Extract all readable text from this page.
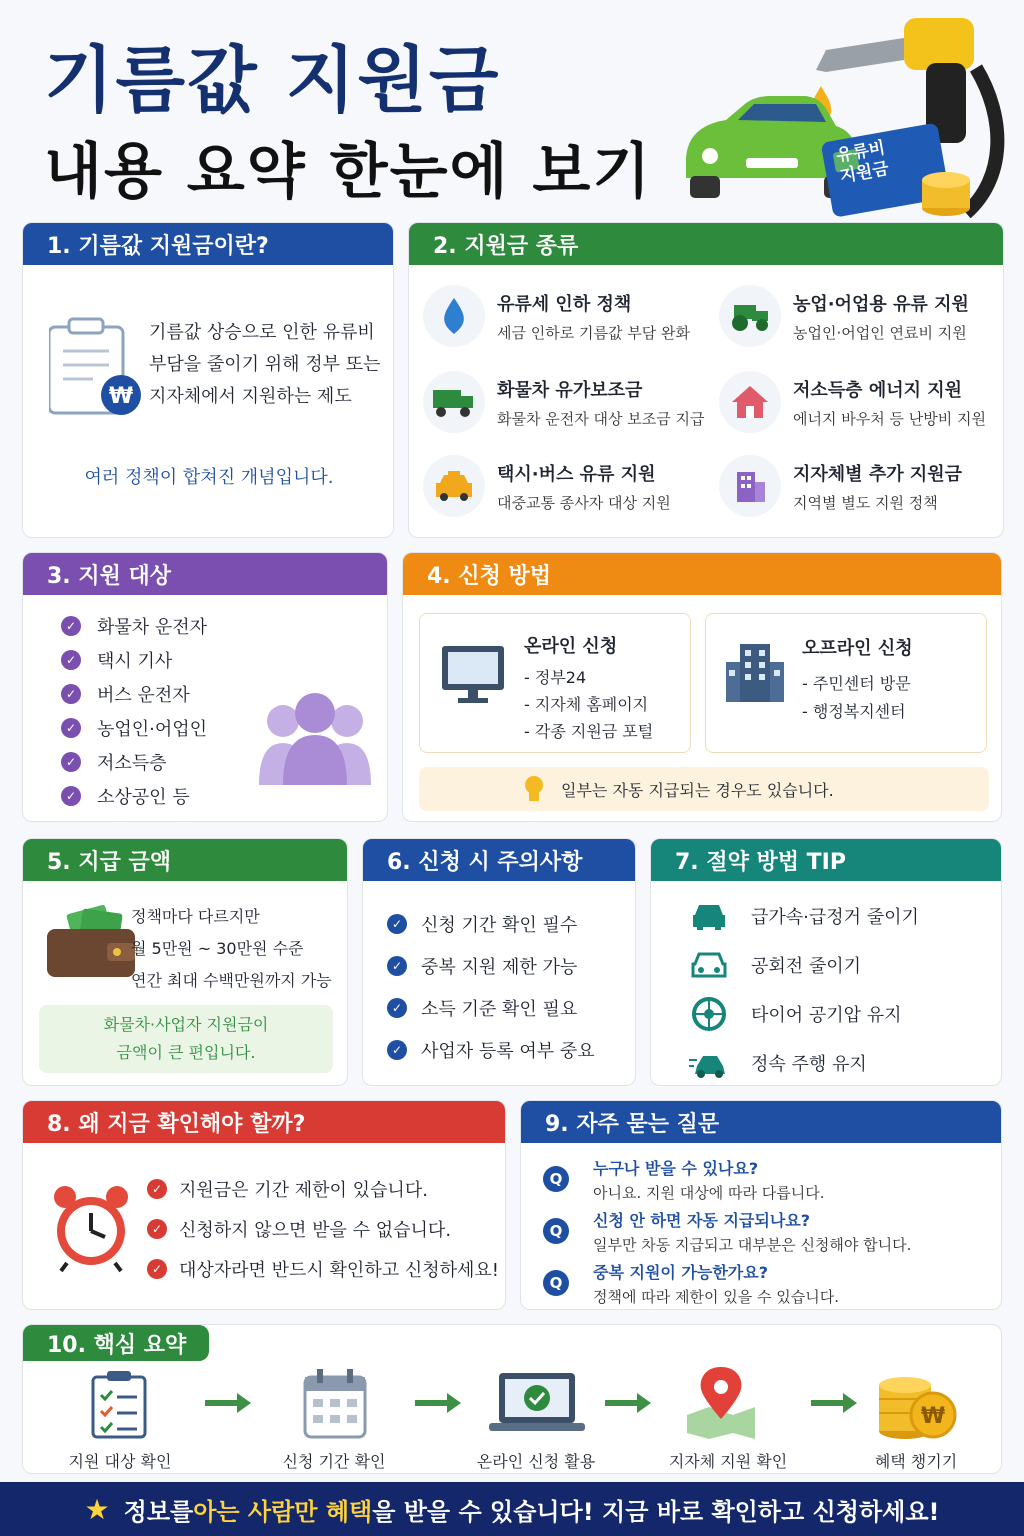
기름값 지원금
내용 요약 한눈에 보기	유류비
지원금
1. 기름값 지원금이란?
₩
기름값 상승으로 인한 유류비
부담을 줄이기 위해 정부 또는
지자체에서 지원하는 제도
여러 정책이 합쳐진 개념입니다.
2. 지원금 종류
유류세 인하 정책
세금 인하로 기름값 부담 완화
농업·어업용 유류 지원
농업인·어업인 연료비 지원
화물차 유가보조금
화물차 운전자 대상 보조금 지급
저소득층 에너지 지원
에너지 바우처 등 난방비 지원
택시·버스 유류 지원
대중교통 종사자 대상 지원
지자체별 추가 지원금
지역별 별도 지원 정책
3. 지원 대상
✓ 화물차 운전자
✓ 택시 기사
✓ 버스 운전자
✓ 농업인·어업인
✓ 저소득층
✓ 소상공인 등
4. 신청 방법
온라인 신청
- 정부24
- 지자체 홈페이지
- 각종 지원금 포털
오프라인 신청
- 주민센터 방문
- 행정복지센터
일부는 자동 지급되는 경우도 있습니다.
5. 지급 금액
정책마다 다르지만
월 5만원 ~ 30만원 수준
연간 최대 수백만원까지 가능
화물차·사업자 지원금이
금액이 큰 편입니다.
6. 신청 시 주의사항
✓ 신청 기간 확인 필수
✓ 중복 지원 제한 가능
✓ 소득 기준 확인 필요
✓ 사업자 등록 여부 중요
7. 절약 방법 TIP
급가속·급정거 줄이기
공회전 줄이기
타이어 공기압 유지
정속 주행 유지
8. 왜 지금 확인해야 할까?
✓ 지원금은 기간 제한이 있습니다.
✓ 신청하지 않으면 받을 수 없습니다.
✓ 대상자라면 반드시 확인하고 신청하세요!
9. 자주 묻는 질문
Q
누구나 받을 수 있나요?
아니요. 지원 대상에 따라 다릅니다.
Q
신청 안 하면 자동 지급되나요?
일부만 차동 지급되고 대부분은 신청해야 합니다.
Q
중복 지원이 가능한가요?
정책에 따라 제한이 있을 수 있습니다.
10. 핵심 요약
₩
지원 대상 확인	신청 기간 확인	온라인 신청 활용	지자체 지원 확인	혜택 챙기기
★ 정보를 아는 사람만 혜택 을 받을 수 있습니다! 지금 바로 확인하고 신청하세요!
